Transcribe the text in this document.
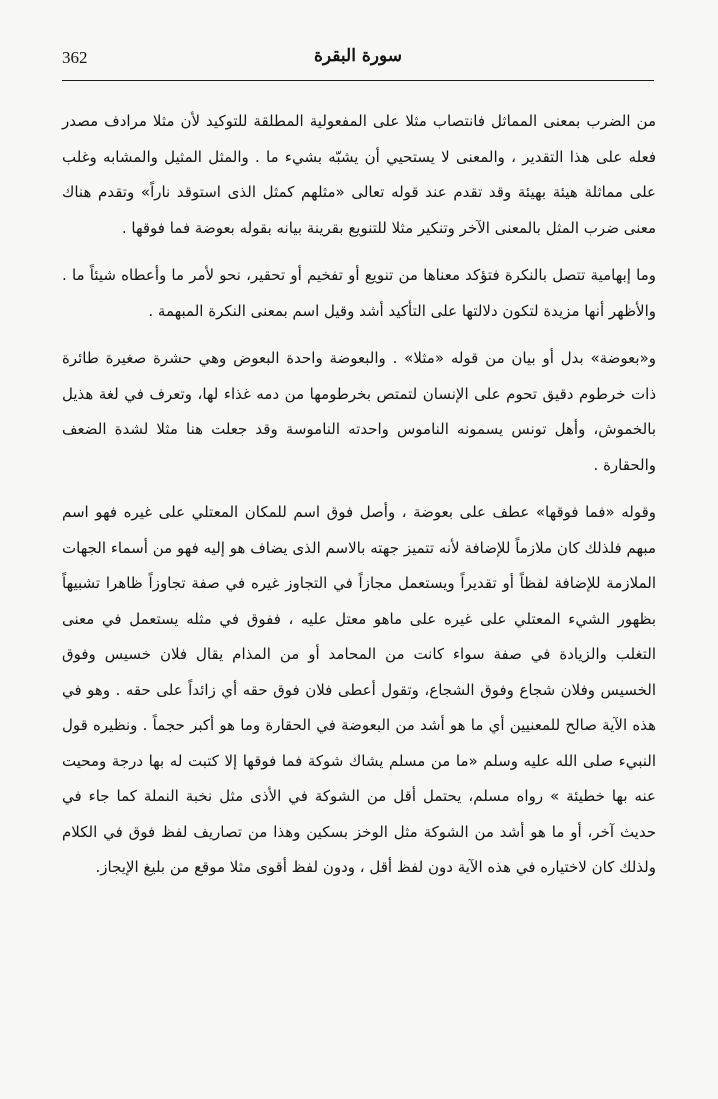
362	سورة البقرة

من الضرب بمعنى المماثل فانتصاب مثلا على المفعولية المطلقة للتوكيد لأن مثلا مرادف مصدر فعله على هذا التقدير ، والمعنى لا يستحيي أن يشبّه بشيء ما . والمثل المثيل والمشابه وغلب على مماثلة هيئة بهيئة وقد تقدم عند قوله تعالى «مثلهم كمثل الذى استوقد ناراً» وتقدم هناك معنى ضرب المثل بالمعنى الآخر وتنكير مثلا للتنويع بقرينة بيانه بقوله بعوضة فما فوقها .

وما إبهامية تتصل بالنكرة فتؤكد معناها من تنويع أو تفخيم أو تحقير، نحو لأمر ما وأعطاه شيئاً ما . والأظهر أنها مزيدة لتكون دلالتها على التأكيد أشد وقيل اسم بمعنى النكرة المبهمة .

و«بعوضة» بدل أو بيان من قوله «مثلا» . والبعوضة واحدة البعوض وهي حشرة صغيرة طائرة ذات خرطوم دقيق تحوم على الإنسان لتمتص بخرطومها من دمه غذاء لها، وتعرف في لغة هذيل بالخموش، وأهل تونس يسمونه الناموس واحدته الناموسة وقد جعلت هنا مثلا لشدة الضعف والحقارة .

وقوله «فما فوقها» عطف على بعوضة ، وأصل فوق اسم للمكان المعتلي على غيره فهو اسم مبهم فلذلك كان ملازماً للإضافة لأنه تتميز جهته بالاسم الذى يضاف هو إليه فهو من أسماء الجهات الملازمة للإضافة لفظاً أو تقديراً ويستعمل مجازاً في التجاوز غيره في صفة تجاوزاً ظاهرا تشبيهاً بظهور الشيء المعتلي على غيره على ماهو معتل عليه ، ففوق في مثله يستعمل في معنى التغلب والزيادة في صفة سواء كانت من المحامد أو من المذام يقال فلان خسيس وفوق الخسيس وفلان شجاع وفوق الشجاع، وتقول أعطى فلان فوق حقه أي زائداً على حقه . وهو في هذه الآية صالح للمعنيين أي ما هو أشد من البعوضة في الحقارة وما هو أكبر حجماً . ونظيره قول النبيء صلى الله عليه وسلم «ما من مسلم يشاك شوكة فما فوقها إلا كتبت له بها درجة ومحيت عنه بها خطيئة » رواه مسلم، يحتمل أقل من الشوكة في الأذى مثل نخبة النملة كما جاء في حديث آخر، أو ما هو أشد من الشوكة مثل الوخز بسكين وهذا من تصاريف لفظ فوق في الكلام ولذلك كان لاختياره في هذه الآية دون لفظ أقل ، ودون لفظ أقوى مثلا موقع من بليغ الإيجاز.
